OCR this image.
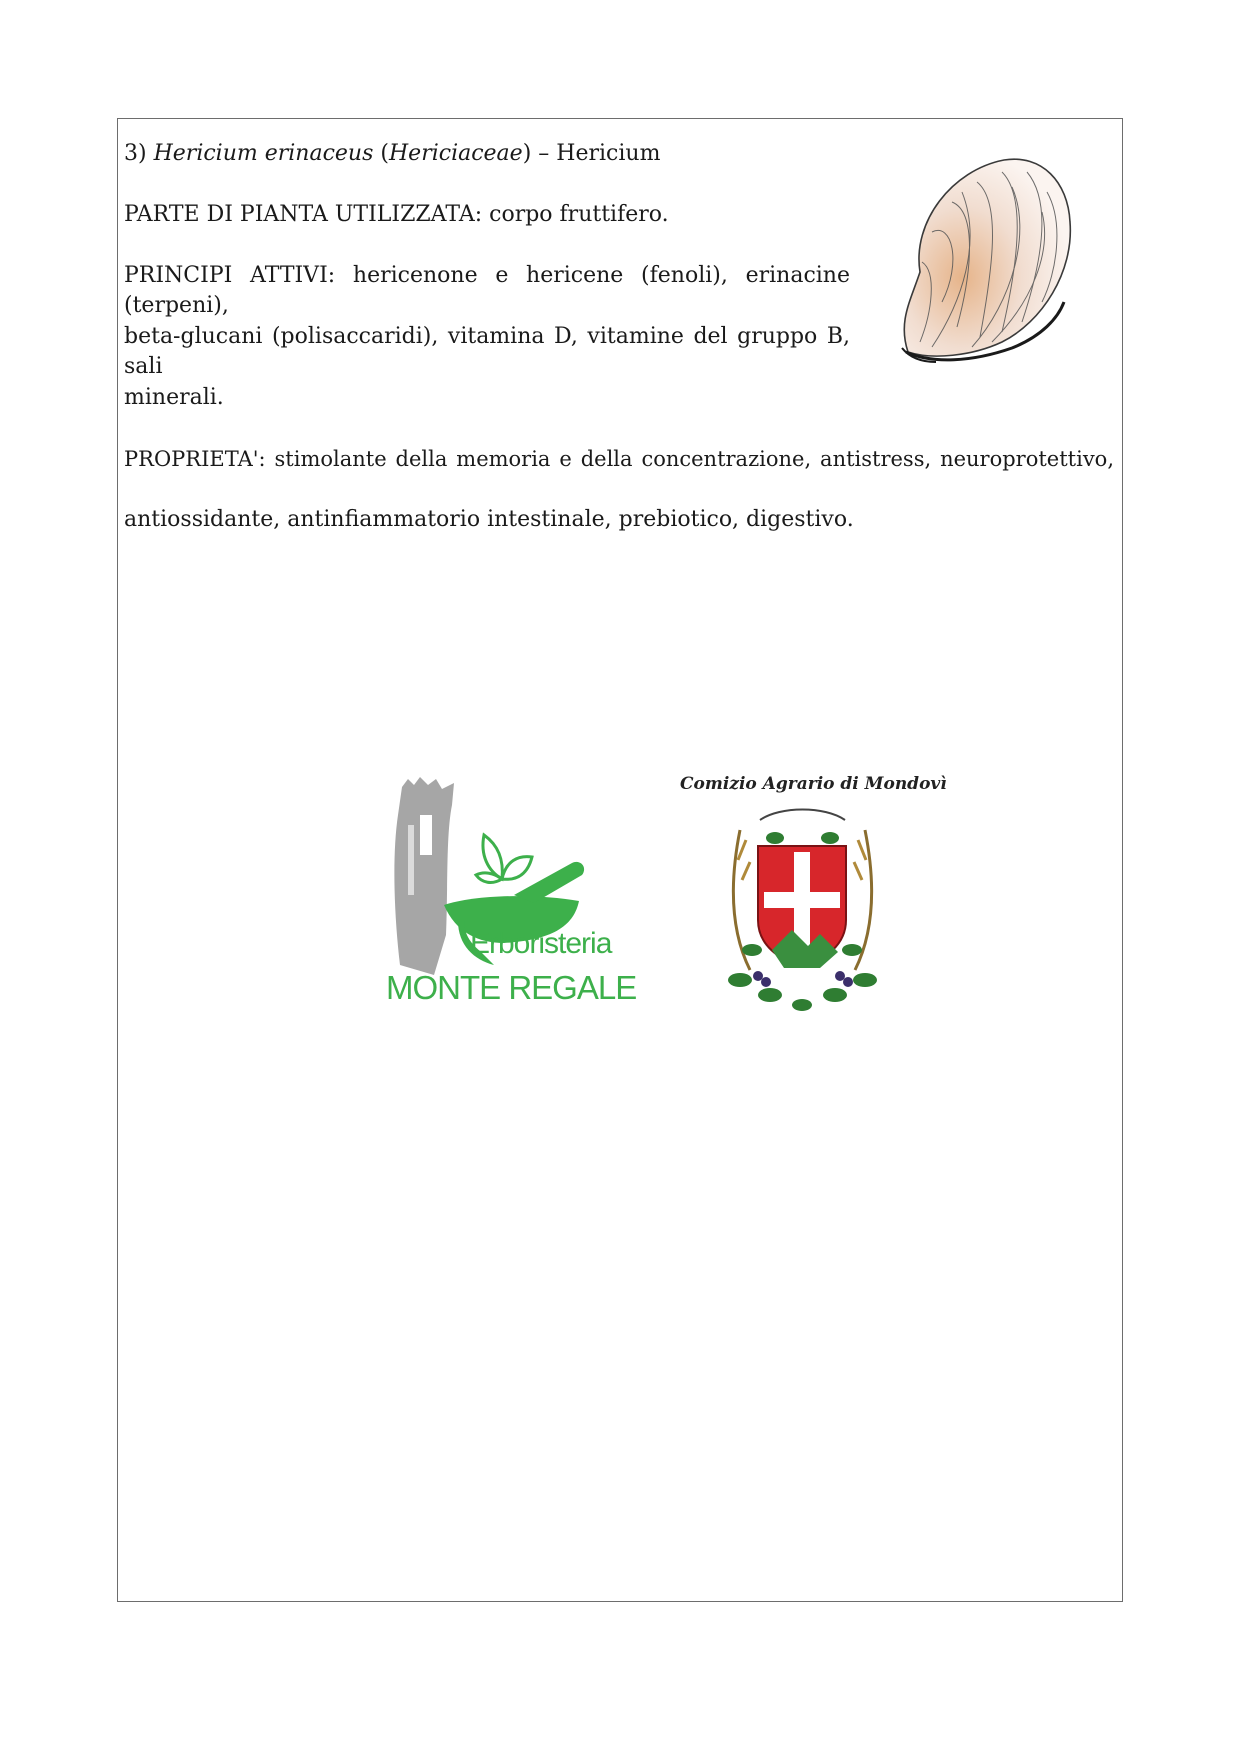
3) Hericium erinaceus (Hericiaceae) – Hericium
PARTE DI PIANTA UTILIZZATA: corpo fruttifero.
PRINCIPI ATTIVI: hericenone e hericene (fenoli), erinacine (terpeni),
beta-glucani (polisaccaridi), vitamina D, vitamine del gruppo B, sali
minerali.
PROPRIETA': stimolante della memoria e della concentrazione, antistress, neuroprotettivo,
antiossidante, antinfiammatorio intestinale, prebiotico, digestivo.
Erboristeria
MONTE REGALE
Comizio Agrario di Mondovì
